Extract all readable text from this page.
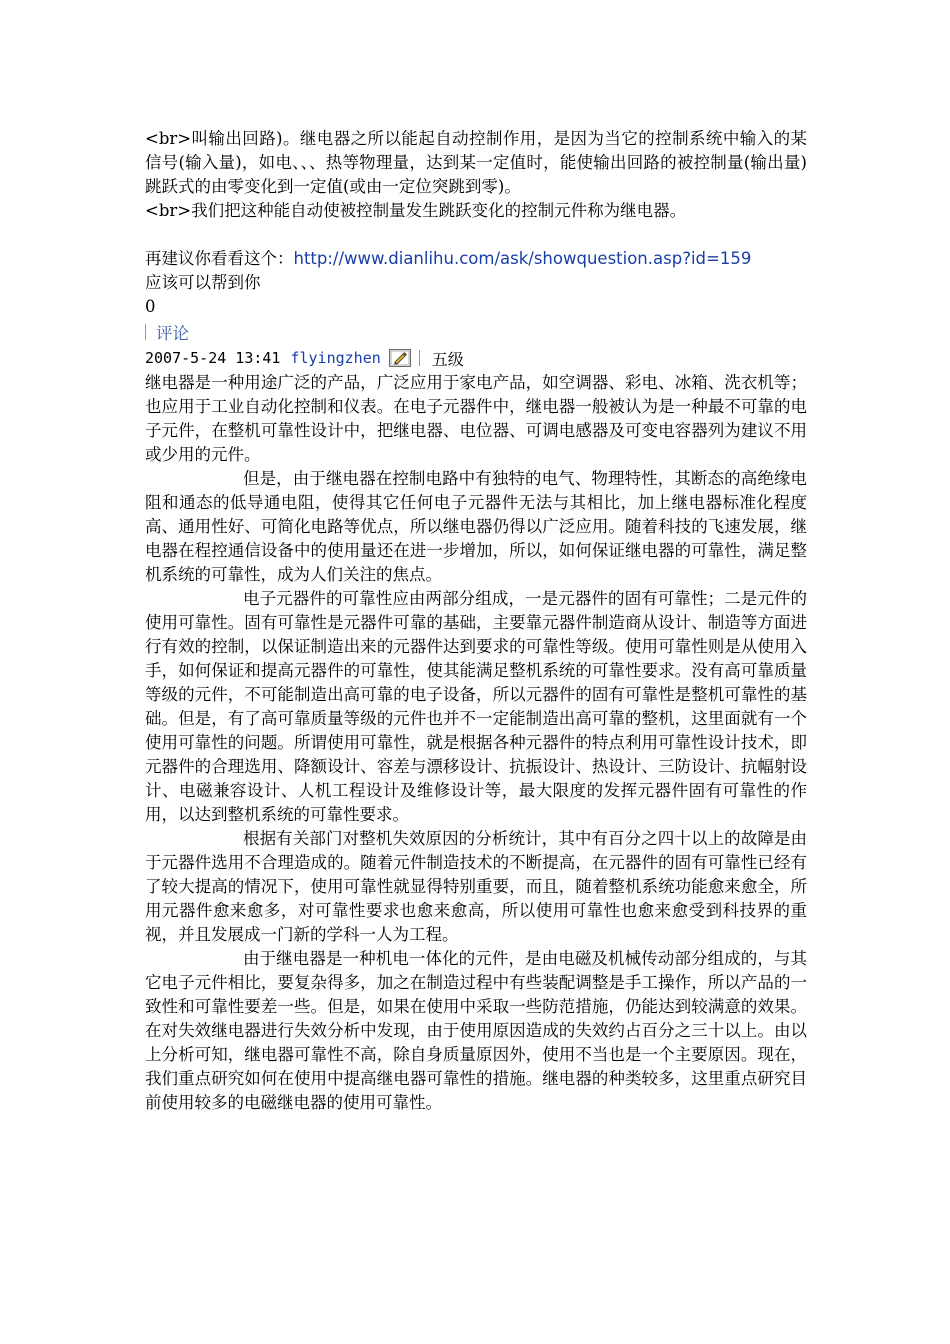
<br>叫输出回路)。继电器之所以能起自动控制作用，是因为当它的控制系统中输入的某信号(输入量)，如电、、、热等物理量，达到某一定值时，能使输出回路的被控制量(输出量)跳跃式的由零变化到一定值(或由一定位突跳到零)。

<br>我们把这种能自动使被控制量发生跳跃变化的控制元件称为继电器。

再建议你看看这个：http://www.dianlihu.com/ask/showquestion.asp?id=159

应该可以帮到你

0

评论
2007-5-24 13:41 flyingzhen	五级

继电器是一种用途广泛的产品，广泛应用于家电产品，如空调器、彩电、冰箱、洗衣机等；也应用于工业自动化控制和仪表。在电子元器件中，继电器一般被认为是一种最不可靠的电子元件，在整机可靠性设计中，把继电器、电位器、可调电感器及可变电容器列为建议不用或少用的元件。

但是，由于继电器在控制电路中有独特的电气、物理特性，其断态的高绝缘电阻和通态的低导通电阻，使得其它任何电子元器件无法与其相比，加上继电器标准化程度高、通用性好、可简化电路等优点，所以继电器仍得以广泛应用。随着科技的飞速发展，继电器在程控通信设备中的使用量还在进一步增加，所以，如何保证继电器的可靠性，满足整机系统的可靠性，成为人们关注的焦点。

电子元器件的可靠性应由两部分组成，一是元器件的固有可靠性；二是元件的使用可靠性。固有可靠性是元器件可靠的基础，主要靠元器件制造商从设计、制造等方面进行有效的控制，以保证制造出来的元器件达到要求的可靠性等级。使用可靠性则是从使用入手，如何保证和提高元器件的可靠性，使其能满足整机系统的可靠性要求。没有高可靠质量等级的元件，不可能制造出高可靠的电子设备，所以元器件的固有可靠性是整机可靠性的基础。但是，有了高可靠质量等级的元件也并不一定能制造出高可靠的整机，这里面就有一个使用可靠性的问题。所谓使用可靠性，就是根据各种元器件的特点利用可靠性设计技术，即元器件的合理选用、降额设计、容差与漂移设计、抗振设计、热设计、三防设计、抗幅射设计、电磁兼容设计、人机工程设计及维修设计等，最大限度的发挥元器件固有可靠性的作用，以达到整机系统的可靠性要求。

根据有关部门对整机失效原因的分析统计，其中有百分之四十以上的故障是由于元器件选用不合理造成的。随着元件制造技术的不断提高，在元器件的固有可靠性已经有了较大提高的情况下，使用可靠性就显得特别重要，而且，随着整机系统功能愈来愈全，所用元器件愈来愈多，对可靠性要求也愈来愈高，所以使用可靠性也愈来愈受到科技界的重视，并且发展成一门新的学科一人为工程。

由于继电器是一种机电一体化的元件，是由电磁及机械传动部分组成的，与其它电子元件相比，要复杂得多，加之在制造过程中有些装配调整是手工操作，所以产品的一致性和可靠性要差一些。但是，如果在使用中采取一些防范措施，仍能达到较满意的效果。在对失效继电器进行失效分析中发现，由于使用原因造成的失效约占百分之三十以上。由以上分析可知，继电器可靠性不高，除自身质量原因外，使用不当也是一个主要原因。现在，我们重点研究如何在使用中提高继电器可靠性的措施。继电器的种类较多，这里重点研究目前使用较多的电磁继电器的使用可靠性。
